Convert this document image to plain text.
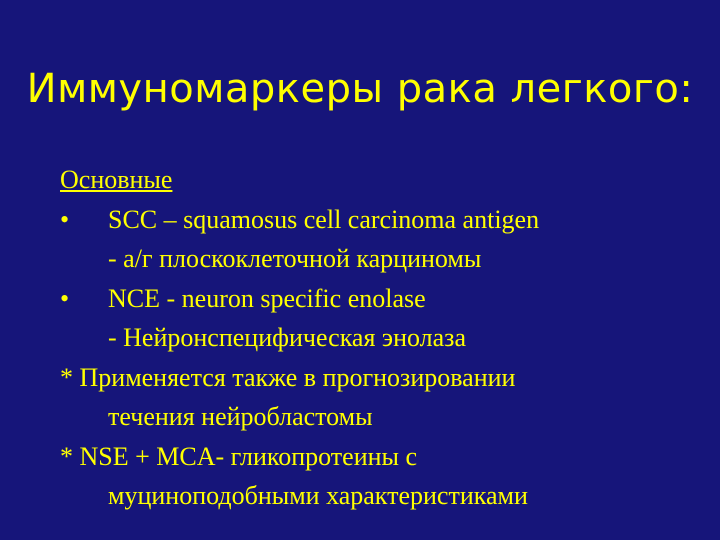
Иммуномаркеры рака легкого:
Основные
• SCC – squamosus cell carcinoma antigen
- а/г плоскоклеточной карциномы
• NCE - neuron specific enolase
- Нейронспецифическая энолаза
* Применяется также в прогнозировании
течения нейробластомы
* NSE + MCA- гликопротеины с
муциноподобными характеристиками
